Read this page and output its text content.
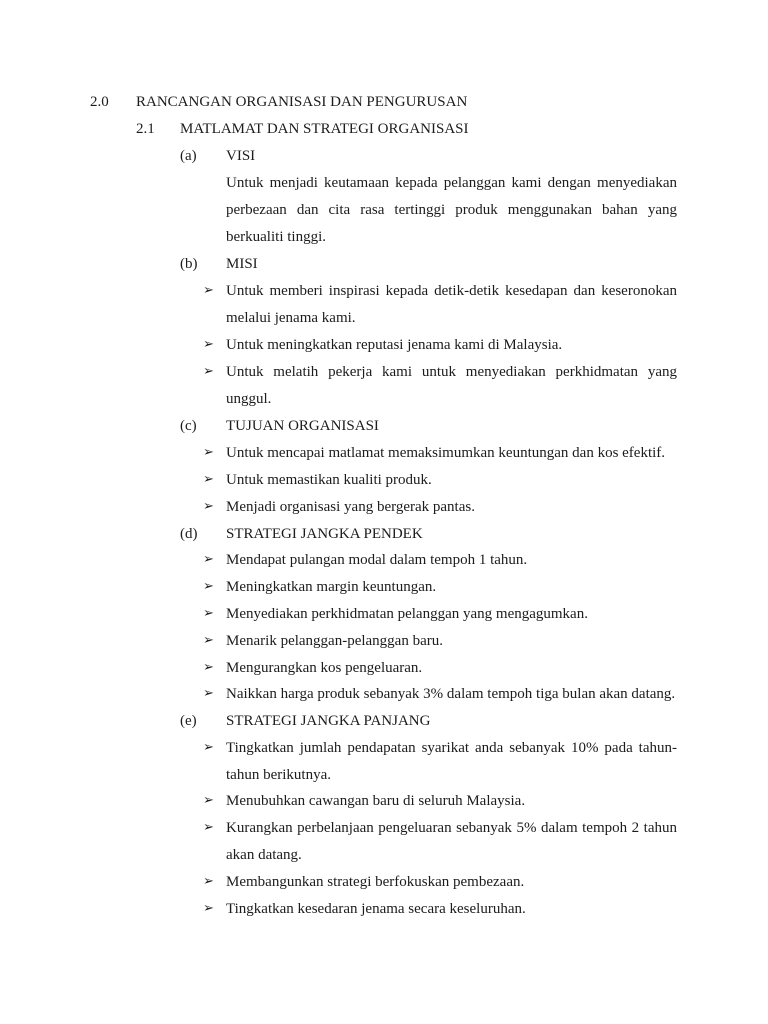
2.0 RANCANGAN ORGANISASI DAN PENGURUSAN
2.1 MATLAMAT DAN STRATEGI ORGANISASI
(a) VISI
Untuk menjadi keutamaan kepada pelanggan kami dengan menyediakan
perbezaan dan cita rasa tertinggi produk menggunakan bahan yang
berkualiti tinggi.
(b) MISI
➢ Untuk memberi inspirasi kepada detik-detik kesedapan dan keseronokan
melalui jenama kami.
➢ Untuk meningkatkan reputasi jenama kami di Malaysia.
➢ Untuk melatih pekerja kami untuk menyediakan perkhidmatan yang
unggul.
(c) TUJUAN ORGANISASI
➢ Untuk mencapai matlamat memaksimumkan keuntungan dan kos efektif.
➢ Untuk memastikan kualiti produk.
➢ Menjadi organisasi yang bergerak pantas.
(d) STRATEGI JANGKA PENDEK
➢ Mendapat pulangan modal dalam tempoh 1 tahun.
➢ Meningkatkan margin keuntungan.
➢ Menyediakan perkhidmatan pelanggan yang mengagumkan.
➢ Menarik pelanggan-pelanggan baru.
➢ Mengurangkan kos pengeluaran.
➢ Naikkan harga produk sebanyak 3% dalam tempoh tiga bulan akan datang.
(e) STRATEGI JANGKA PANJANG
➢ Tingkatkan jumlah pendapatan syarikat anda sebanyak 10% pada tahun-
tahun berikutnya.
➢ Menubuhkan cawangan baru di seluruh Malaysia.
➢ Kurangkan perbelanjaan pengeluaran sebanyak 5% dalam tempoh 2 tahun
akan datang.
➢ Membangunkan strategi berfokuskan pembezaan.
➢ Tingkatkan kesedaran jenama secara keseluruhan.
